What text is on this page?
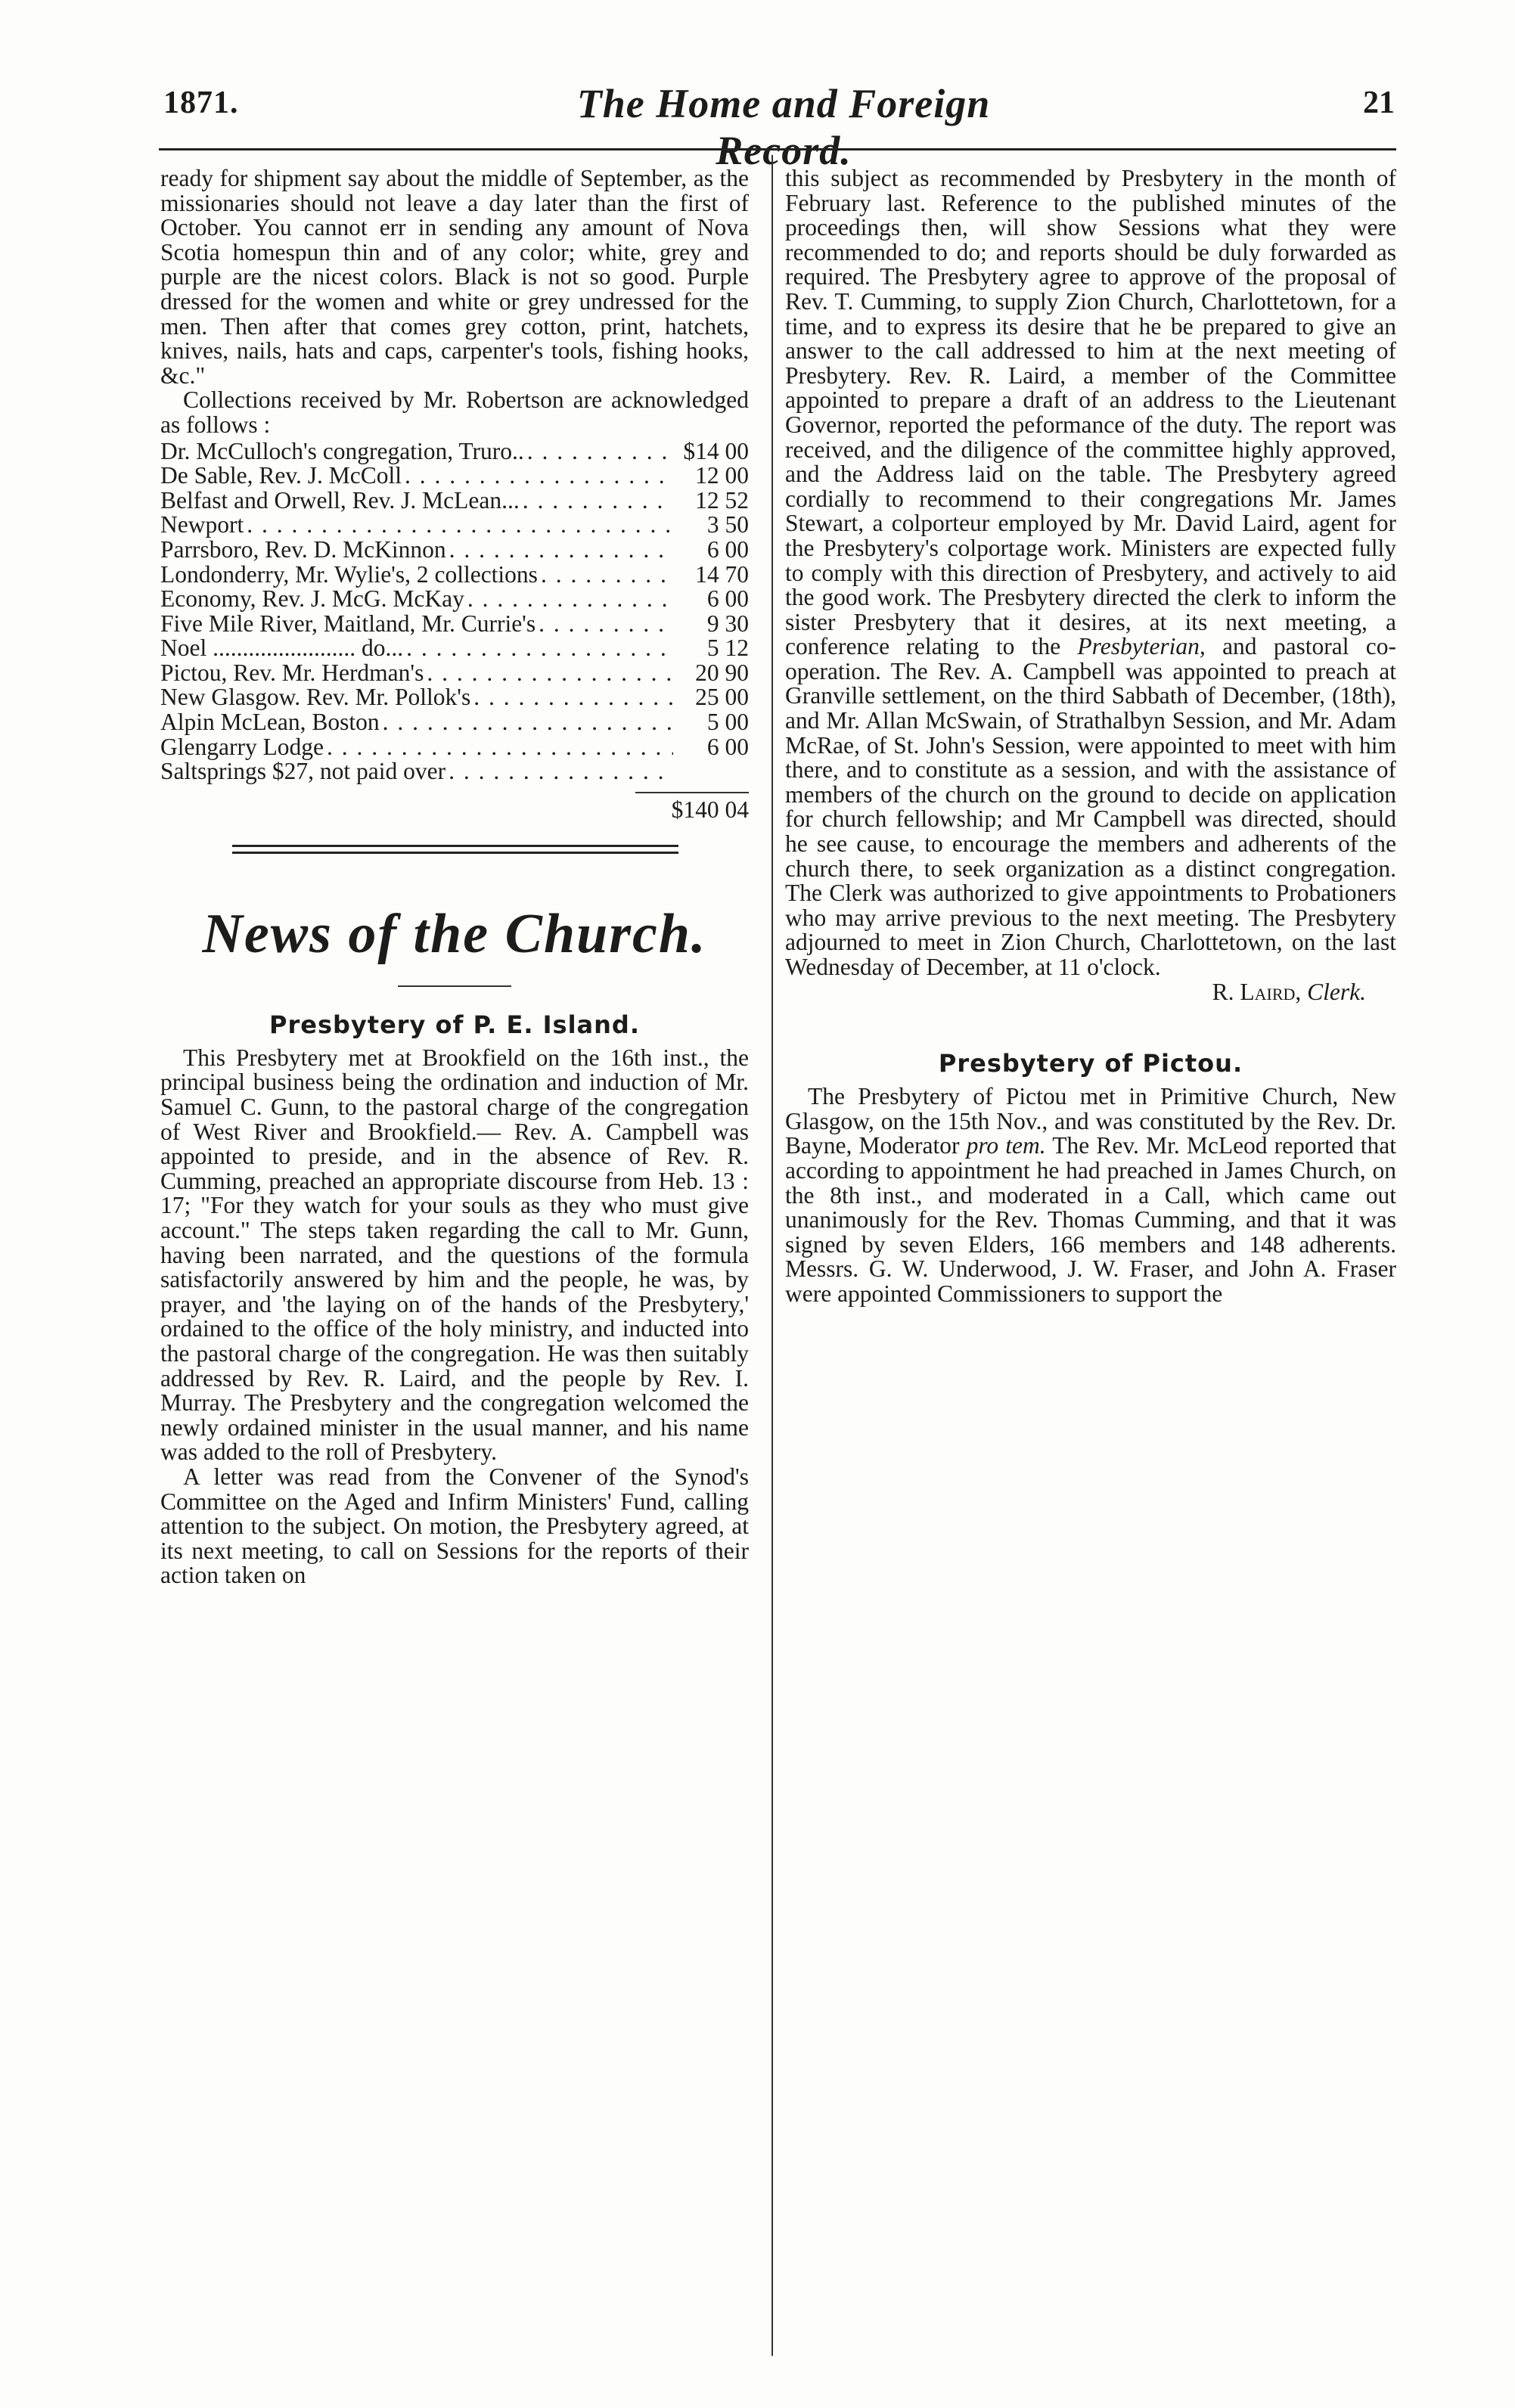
1871.	The Home and Foreign Record.
21

ready for shipment say about the middle of September, as the missionaries should not leave a day later than the first of October. You cannot err in sending any amount of Nova Scotia homespun thin and of any color; white, grey and purple are the nicest colors. Black is not so good. Purple dressed for the women and white or grey undressed for the men. Then after that comes grey cotton, print, hatchets, knives, nails, hats and caps, carpenter's tools, fishing hooks, &c."

Collections received by Mr. Robertson are acknowledged as follows :

Dr. McCulloch's congregation, Truro.. . . .	$14 00
De Sable, Rev. J. McColl . . .	12 00
Belfast and Orwell, Rev. J. McLean... . . .	12 52
Newport . . .	3 50
Parrsboro, Rev. D. McKinnon . . .	6 00
Londonderry, Mr. Wylie's, 2 collections . . .	14 70
Economy, Rev. J. McG. McKay . . .	6 00
Five Mile River, Maitland, Mr. Currie's . . .	9 30
Noel ........................ do... . . .	5 12
Pictou, Rev. Mr. Herdman's . . .	20 90
New Glasgow. Rev. Mr. Pollok's . . .	25 00
Alpin McLean, Boston . . .	5 00
Glengarry Lodge . . .	6 00
Saltsprings $27, not paid over
. . .
$140 04
News of the Church.
Presbytery of P. E. Island.

This Presbytery met at Brookfield on the 16th inst., the principal business being the ordination and induction of Mr. Samuel C. Gunn, to the pastoral charge of the congregation of West River and Brookfield.— Rev. A. Campbell was appointed to preside, and in the absence of Rev. R. Cumming, preached an appropriate discourse from Heb. 13 : 17; "For they watch for your souls as they who must give account." The steps taken regarding the call to Mr. Gunn, having been narrated, and the questions of the formula satisfactorily answered by him and the people, he was, by prayer, and 'the laying on of the hands of the Presbytery,' ordained to the office of the holy ministry, and inducted into the pastoral charge of the congregation. He was then suitably addressed by Rev. R. Laird, and the people by Rev. I. Murray. The Presbytery and the congregation welcomed the newly ordained minister in the usual manner, and his name was added to the roll of Presbytery.

A letter was read from the Convener of the Synod's Committee on the Aged and Infirm Ministers' Fund, calling attention to the subject. On motion, the Presbytery agreed, at its next meeting, to call on Sessions for the reports of their action taken on

this subject as recommended by Presbytery in the month of February last. Reference to the published minutes of the proceedings then, will show Sessions what they were recommended to do; and reports should be duly forwarded as required. The Presbytery agree to approve of the proposal of Rev. T. Cumming, to supply Zion Church, Charlottetown, for a time, and to express its desire that he be prepared to give an answer to the call addressed to him at the next meeting of Presbytery. Rev. R. Laird, a member of the Committee appointed to prepare a draft of an address to the Lieutenant Governor, reported the peformance of the duty. The report was received, and the diligence of the committee highly approved, and the Address laid on the table. The Presbytery agreed cordially to recommend to their congregations Mr. James Stewart, a colporteur employed by Mr. David Laird, agent for the Presbytery's colportage work. Ministers are expected fully to comply with this direction of Presbytery, and actively to aid the good work. The Presbytery directed the clerk to inform the sister Presbytery that it desires, at its next meeting, a conference relating to the Presbyterian, and pastoral co-operation. The Rev. A. Campbell was appointed to preach at Granville settlement, on the third Sabbath of December, (18th), and Mr. Allan McSwain, of Strathalbyn Session, and Mr. Adam McRae, of St. John's Session, were appointed to meet with him there, and to constitute as a session, and with the assistance of members of the church on the ground to decide on application for church fellowship; and Mr Campbell was directed, should he see cause, to encourage the members and adherents of the church there, to seek organization as a distinct congregation. The Clerk was authorized to give appointments to Probationers who may arrive previous to the next meeting. The Presbytery adjourned to meet in Zion Church, Charlottetown, on the last Wednesday of December, at 11 o'clock.

R. Laird, Clerk.

Presbytery of Pictou.

The Presbytery of Pictou met in Primitive Church, New Glasgow, on the 15th Nov., and was constituted by the Rev. Dr. Bayne, Moderator pro tem. The Rev. Mr. McLeod reported that according to appointment he had preached in James Church, on the 8th inst., and moderated in a Call, which came out unanimously for the Rev. Thomas Cumming, and that it was signed by seven Elders, 166 members and 148 adherents. Messrs. G. W. Underwood, J. W. Fraser, and John A. Fraser were appointed Commissioners to support the
